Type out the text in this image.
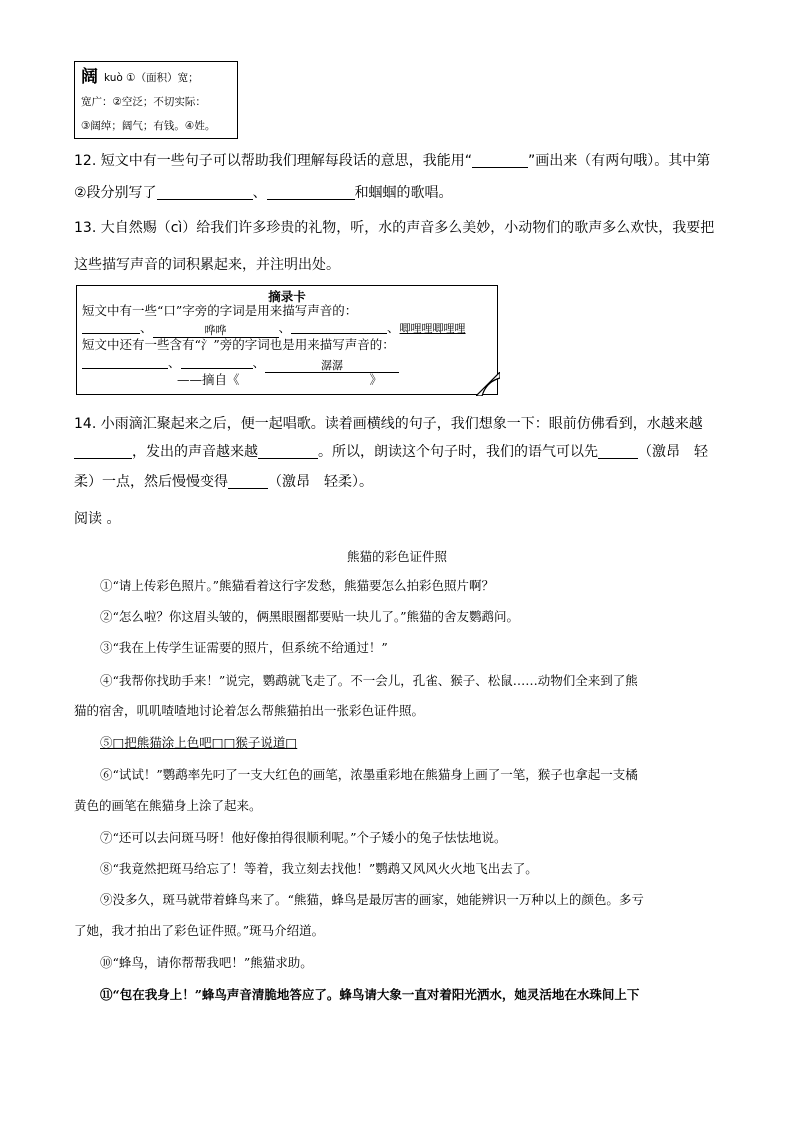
阔kuò ①（面积）宽；
宽广：②空泛；不切实际：
③阔绰；阔气；有钱。④姓。
12. 短文中有一些句子可以帮助我们理解每段话的意思，我能用“	”画出来（有两句哦）。其中第
②段分别写了	、	和蝈蝈的歌唱。
13. 大自然赐（cì）给我们许多珍贵的礼物，听，水的声音多么美妙，小动物们的歌声多么欢快，我要把
这些描写声音的词积累起来，并注明出处。
摘录卡
短文中有一些“口”字旁的字词是用来描写声音的：
、	哗哗	、	、唧哩哩唧哩哩
短文中还有一些含有“氵”旁的字词也是用来描写声音的：
、	、	潺潺
——摘自《	》
14. 小雨滴汇聚起来之后，便一起唱歌。读着画横线的句子，我们想象一下：眼前仿佛看到，水越来越
，发出的声音越来越	。所以，朗读这个句子时，我们的语气可以先	（激昂　轻
柔）一点，然后慢慢变得	（激昂　轻柔）。
阅读 。
熊猫的彩色证件照
①“请上传彩色照片。”熊猫看着这行字发愁，熊猫要怎么拍彩色照片啊？
②“怎么啦？你这眉头皱的，俩黑眼圈都要贴一块儿了。”熊猫的舍友鹦鹉问。
③“我在上传学生证需要的照片，但系统不给通过！”
④“我帮你找助手来！”说完，鹦鹉就飞走了。不一会儿，孔雀、猴子、松鼠……动物们全来到了熊
猫的宿舍，叽叽喳喳地讨论着怎么帮熊猫拍出一张彩色证件照。
⑤□把熊猫涂上色吧□□猴子说道□
⑥“试试！”鹦鹉率先叼了一支大红色的画笔，浓墨重彩地在熊猫身上画了一笔，猴子也拿起一支橘
黄色的画笔在熊猫身上涂了起来。
⑦“还可以去问斑马呀！他好像拍得很顺利呢。”个子矮小的兔子怯怯地说。
⑧“我竟然把斑马给忘了！等着，我立刻去找他！”鹦鹉又风风火火地飞出去了。
⑨没多久，斑马就带着蜂鸟来了。“熊猫，蜂鸟是最厉害的画家，她能辨识一万种以上的颜色。多亏
了她，我才拍出了彩色证件照。”斑马介绍道。
⑩“蜂鸟，请你帮帮我吧！”熊猫求助。
⑪“包在我身上！”蜂鸟声音清脆地答应了。蜂鸟请大象一直对着阳光洒水，她灵活地在水珠间上下
